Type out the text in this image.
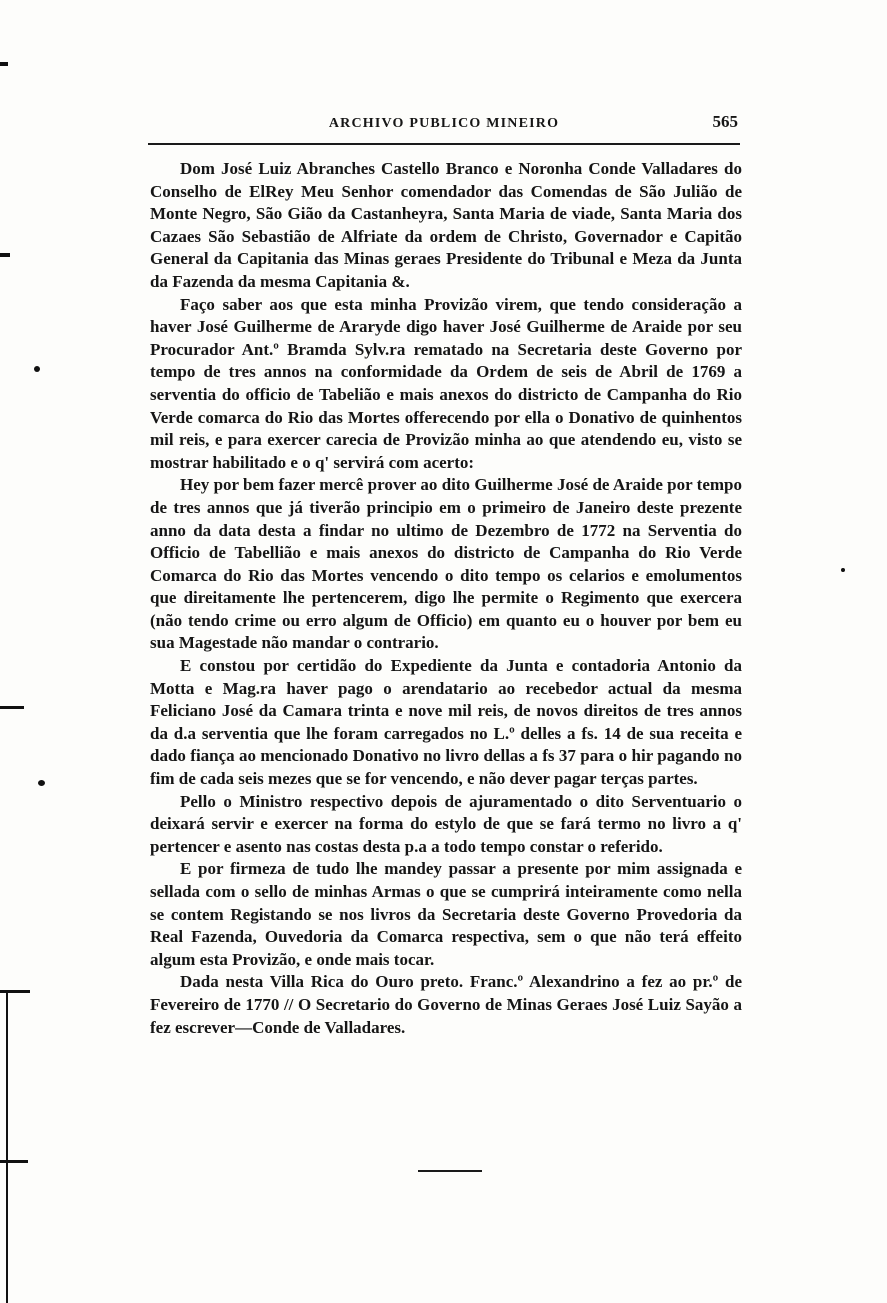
ARCHIVO PUBLICO MINEIRO	565

Dom José Luiz Abranches Castello Branco e Noronha Conde Valladares do Conselho de ElRey Meu Senhor comendador das Comendas de São Julião de Monte Negro, São Gião da Castanheyra, Santa Maria de viade, Santa Maria dos Cazaes São Sebastião de Alfriate da ordem de Christo, Governador e Capitão General da Capitania das Minas geraes Presidente do Tribunal e Meza da Junta da Fazenda da mesma Capitania &.

Faço saber aos que esta minha Provizão virem, que tendo consideração a haver José Guilherme de Araryde digo haver José Guilherme de Araide por seu Procurador Ant.º Bramda Sylv.ra rematado na Secretaria deste Governo por tempo de tres annos na conformidade da Ordem de seis de Abril de 1769 a serventia do officio de Tabelião e mais anexos do districto de Campanha do Rio Verde comarca do Rio das Mortes offerecendo por ella o Donativo de quinhentos mil reis, e para exercer carecia de Provizão minha ao que atendendo eu, visto se mostrar habilitado e o q' servirá com acerto:

Hey por bem fazer mercê prover ao dito Guilherme José de Araide por tempo de tres annos que já tiverão principio em o primeiro de Janeiro deste prezente anno da data desta a findar no ultimo de Dezembro de 1772 na Serventia do Officio de Tabellião e mais anexos do districto de Campanha do Rio Verde Comarca do Rio das Mortes vencendo o dito tempo os celarios e emolumentos que direitamente lhe pertencerem, digo lhe permite o Regimento que exercera (não tendo crime ou erro algum de Officio) em quanto eu o houver por bem eu sua Magestade não mandar o contrario.

E constou por certidão do Expediente da Junta e contadoria Antonio da Motta e Mag.ra haver pago o arendatario ao recebedor actual da mesma Feliciano José da Camara trinta e nove mil reis, de novos direitos de tres annos da d.a serventia que lhe foram carregados no L.º delles a fs. 14 de sua receita e dado fiança ao mencionado Donativo no livro dellas a fs 37 para o hir pagando no fim de cada seis mezes que se for vencendo, e não dever pagar terças partes.

Pello o Ministro respectivo depois de ajuramentado o dito Serventuario o deixará servir e exercer na forma do estylo de que se fará termo no livro a q' pertencer e asento nas costas desta p.a a todo tempo constar o referido.

E por firmeza de tudo lhe mandey passar a presente por mim assignada e sellada com o sello de minhas Armas o que se cumprirá inteiramente como nella se contem Registando se nos livros da Secretaria deste Governo Provedoria da Real Fazenda, Ouvedoria da Comarca respectiva, sem o que não terá effeito algum esta Provizão, e onde mais tocar.

Dada nesta Villa Rica do Ouro preto. Franc.º Alexandrino a fez ao pr.º de Fevereiro de 1770 // O Secretario do Governo de Minas Geraes José Luiz Sayão a fez escrever—Conde de Valladares.
